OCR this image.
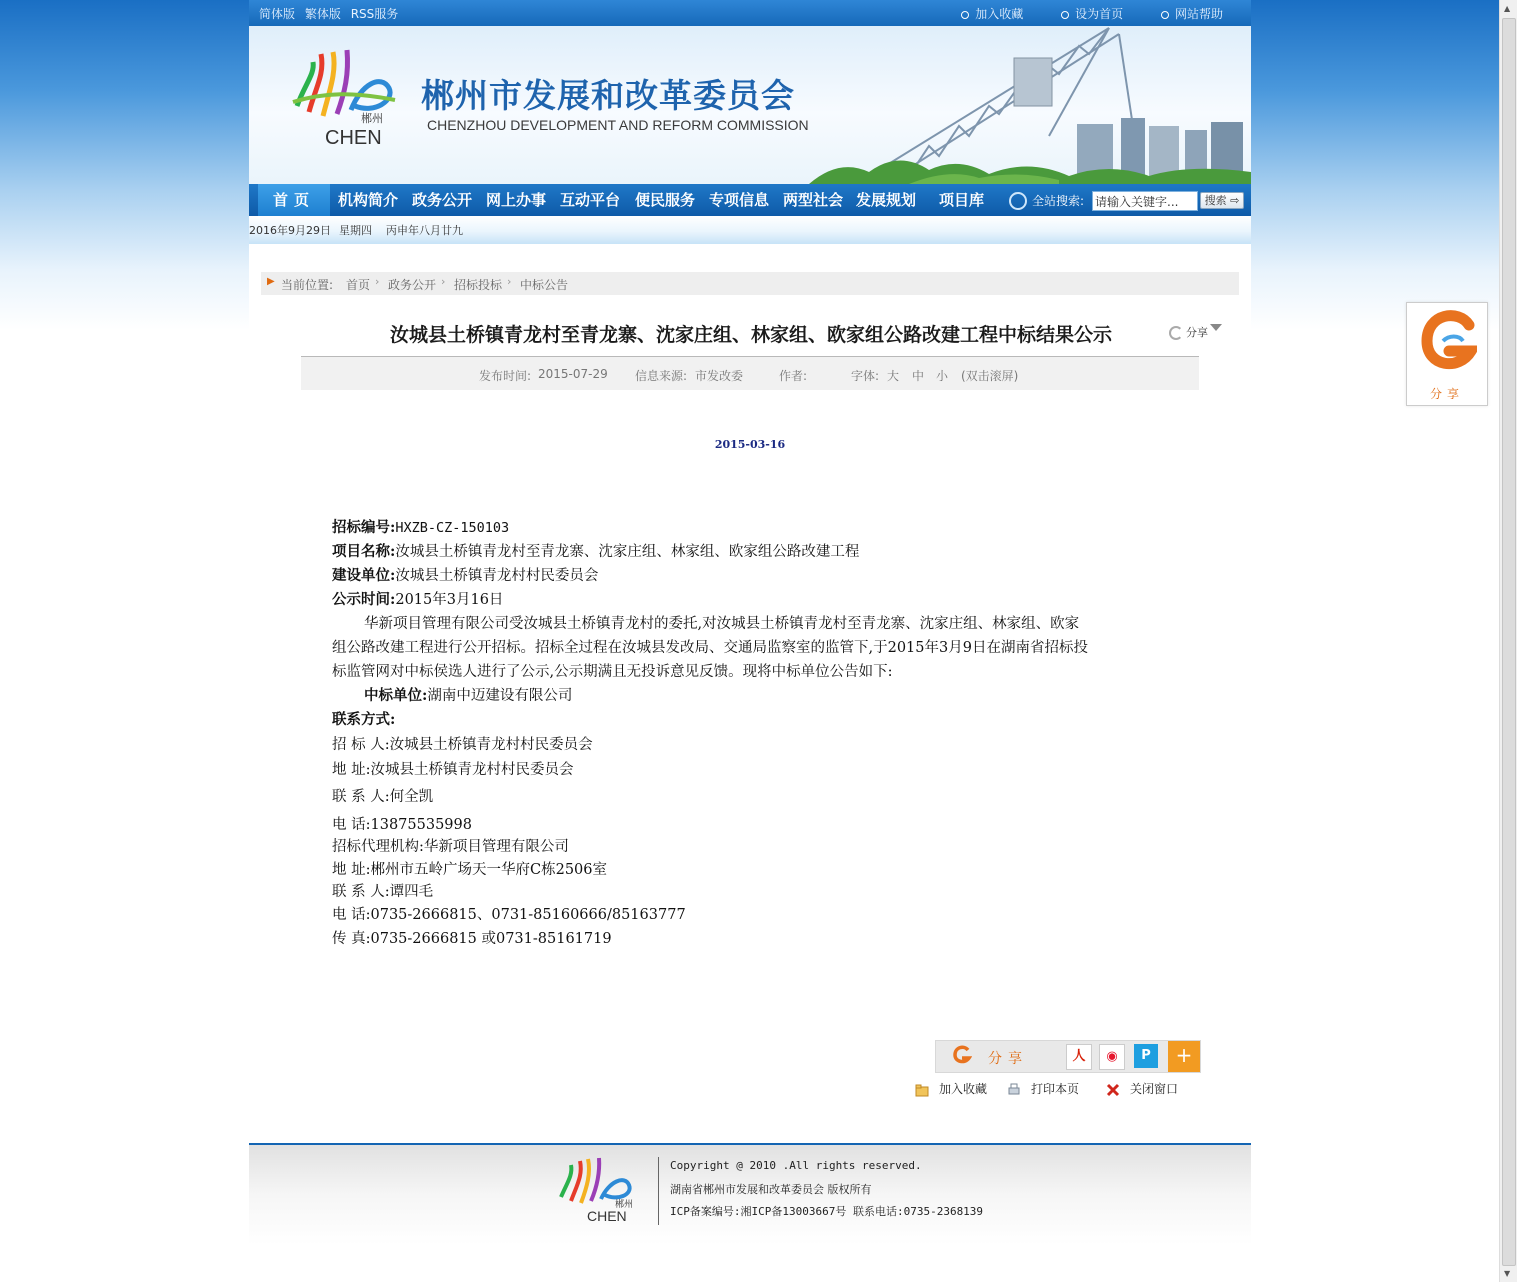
简体版 繁体版 RSS服务	加入收藏	设为首页	网站帮助
郴州
CHEN
郴州市发展和改革委员会
CHENZHOU DEVELOPMENT AND REFORM COMMISSION
首页	机构简介 政务公开 网上办事 互动平台 便民服务 专项信息 两型社会 发展规划 项目库	全站搜索:
请输入关键字...	搜索 ⇨
2016年9月29日 星期四 丙申年八月廿九
▶ 当前位置: 首页 › 政务公开 › 招标投标 › 中标公告
汝城县土桥镇青龙村至青龙寨、沈家庄组、林家组、欧家组公路改建工程中标结果公示	分享
发布时间: 2015-07-29 信息来源: 市发改委	作者:	字体: 大 中 小 (双击滚屏)
2015-03-16
招标编号:HXZB-CZ-150103
项目名称:汝城县土桥镇青龙村至青龙寨、沈家庄组、林家组、欧家组公路改建工程
建设单位:汝城县土桥镇青龙村村民委员会
公示时间:2015年3月16日
华新项目管理有限公司受汝城县土桥镇青龙村的委托,对汝城县土桥镇青龙村至青龙寨、沈家庄组、林家组、欧家
组公路改建工程进行公开招标。招标全过程在汝城县发改局、交通局监察室的监管下,于2015年3月9日在湖南省招标投
标监管网对中标侯选人进行了公示,公示期满且无投诉意见反馈。现将中标单位公告如下:
中标单位:湖南中迈建设有限公司
联系方式:
招 标 人:汝城县土桥镇青龙村村民委员会
地 址:汝城县土桥镇青龙村村民委员会
联 系 人:何全凯
电 话:13875535998
招标代理机构:华新项目管理有限公司
地 址:郴州市五岭广场天一华府C栋2506室
联 系 人:谭四毛
电 话:0735-2666815、0731-85160666/85163777
传 真:0735-2666815 或0731-85161719
分享	人	◉	P	+
加入收藏	打印本页	关闭窗口
郴州
CHEN
Copyright @ 2010 .All rights reserved.
湖南省郴州市发展和改革委员会 版权所有
ICP备案编号:湘ICP备13003667号 联系电话:0735-2368139
分享
▲
▼
